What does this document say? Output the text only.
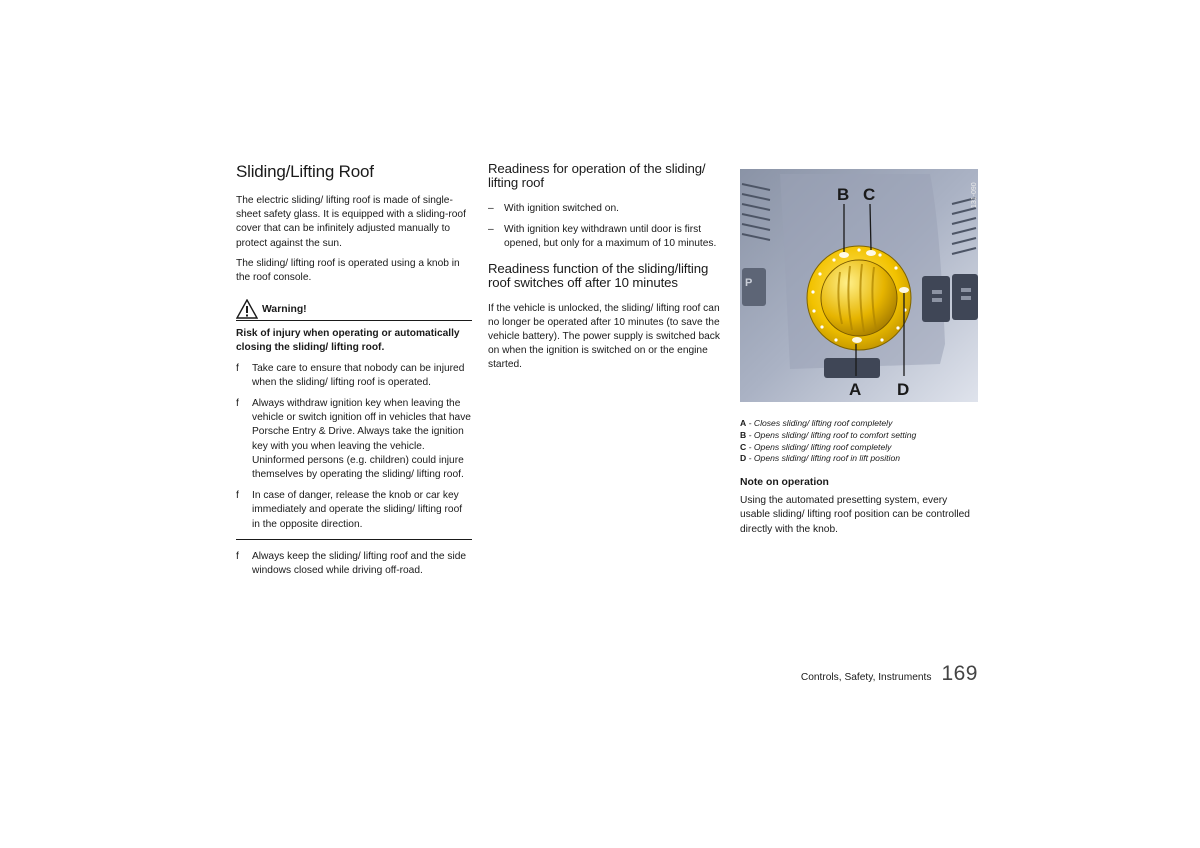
Sliding/Lifting Roof

The electric sliding/ lifting roof is made of single-sheet safety glass. It is equipped with a sliding-roof cover that can be infinitely adjusted manually to protect against the sun.

The sliding/ lifting roof is operated using a knob in the roof console.

Warning!

Risk of injury when operating or automatically closing the sliding/ lifting roof.

f Take care to ensure that nobody can be injured when the sliding/ lifting roof is operated.
f Always withdraw ignition key when leaving the vehicle or switch ignition off in vehicles that have Porsche Entry & Drive. Always take the ignition key with you when leaving the vehicle. Uninformed persons (e.g. children) could injure themselves by operating the sliding/ lifting roof.
f In case of danger, release the knob or car key immediately and operate the sliding/ lifting roof in the opposite direction.
f Always keep the sliding/ lifting roof and the side windows closed while driving off-road.
Readiness for operation of the sliding/ lifting roof
– With ignition switched on.
– With ignition key withdrawn until door is first opened, but only for a maximum of 10 minutes.
Readiness function of the sliding/lifting roof switches off after 10 minutes

If the vehicle is unlocked, the sliding/ lifting roof can no longer be operated after 10 minutes (to save the vehicle battery). The power supply is switched back on when the ignition is switched on or the engine started.

P
131-090
B C
A D
A - Closes sliding/ lifting roof completely
B - Opens sliding/ lifting roof to comfort setting
C - Opens sliding/ lifting roof completely
D - Opens sliding/ lifting roof in lift position
Note on operation

Using the automated presetting system, every usable sliding/ lifting roof position can be controlled directly with the knob.

Controls, Safety, Instruments 169
